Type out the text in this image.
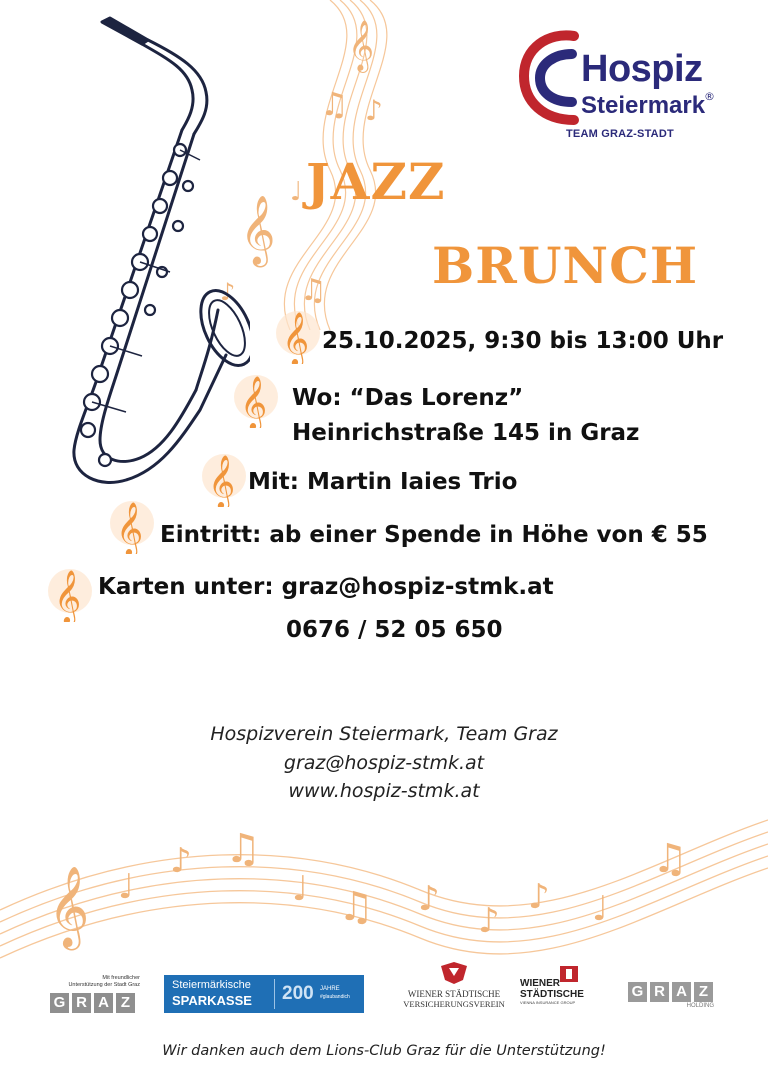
𝄞
♫ ♪
𝄞
♩
♫
♪
Hospiz
Steiermark
®
TEAM GRAZ-STADT
JAZZ
BRUNCH
𝄞
𝄞
𝄞
𝄞
𝄞
25.10.2025, 9:30 bis 13:00 Uhr
Wo: “Das Lorenz”
Heinrichstraße 145 in Graz
Mit: Martin Iaies Trio
Eintritt: ab einer Spende in Höhe von € 55
Karten unter: graz@hospiz-stmk.at
0676 / 52 05 650
Hospizverein Steiermark, Team Graz
graz@hospiz-stmk.at
www.hospiz-stmk.at
𝄞 ♩
♪ ♫
♩ ♫ ♪
♪
♪ ♩
♫
Mit freundlicher
Unterstützung der Stadt Graz
G R A Z
Steiermärkische
SPARKASSE 200 JAHRE
#glaubandich	WIENER STÄDTISCHE
VERSICHERUNGSVEREIN
WIENER
STÄDTISCHE
VIENNA INSURANCE GROUP
G R A Z
HOLDING
Wir danken auch dem Lions-Club Graz für die Unterstützung!
